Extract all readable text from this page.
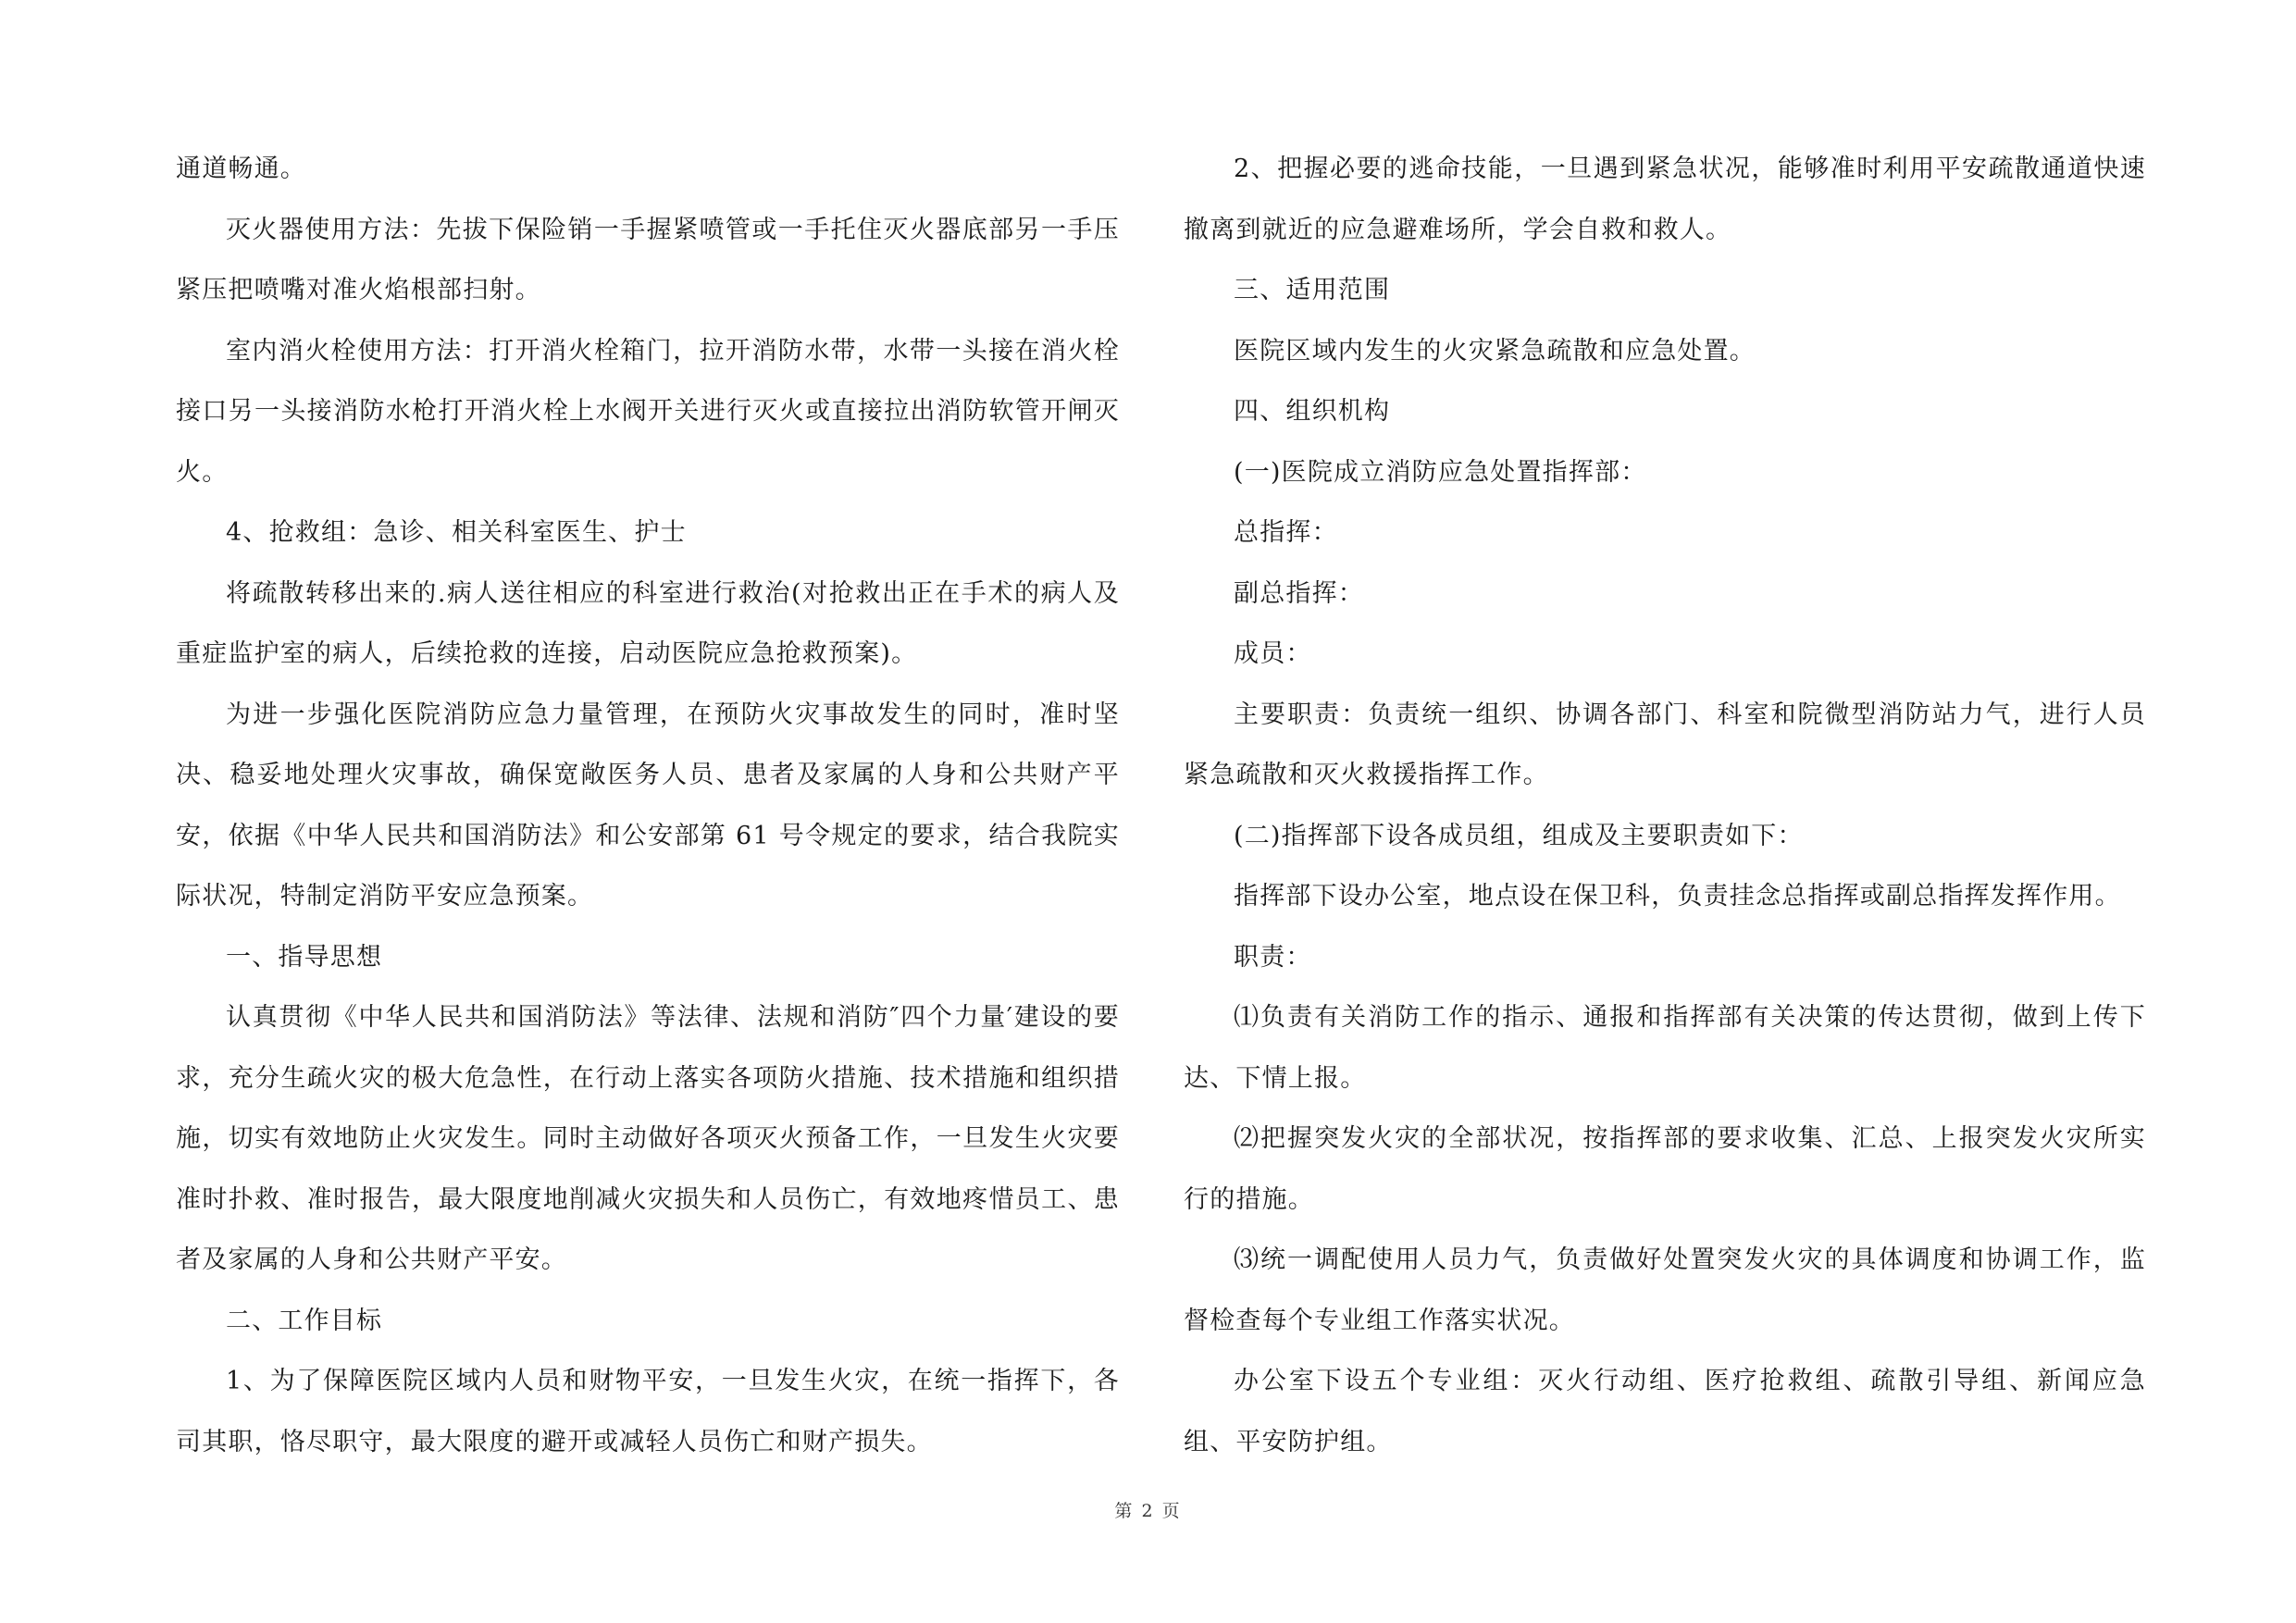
通道畅通。

灭火器使用方法：先拔下保险销一手握紧喷管或一手托住灭火器底部另一手压紧压把喷嘴对准火焰根部扫射。

室内消火栓使用方法：打开消火栓箱门，拉开消防水带，水带一头接在消火栓接口另一头接消防水枪打开消火栓上水阀开关进行灭火或直接拉出消防软管开闸灭火。

4、抢救组：急诊、相关科室医生、护士

将疏散转移出来的.病人送往相应的科室进行救治(对抢救出正在手术的病人及重症监护室的病人，后续抢救的连接，启动医院应急抢救预案)。

为进一步强化医院消防应急力量管理，在预防火灾事故发生的同时，准时坚决、稳妥地处理火灾事故，确保宽敞医务人员、患者及家属的人身和公共财产平安，依据《中华人民共和国消防法》和公安部第 61 号令规定的要求，结合我院实际状况，特制定消防平安应急预案。

一、指导思想

认真贯彻《中华人民共和国消防法》等法律、法规和消防″四个力量′建设的要求，充分生疏火灾的极大危急性，在行动上落实各项防火措施、技术措施和组织措施，切实有效地防止火灾发生。同时主动做好各项灭火预备工作，一旦发生火灾要准时扑救、准时报告，最大限度地削减火灾损失和人员伤亡，有效地疼惜员工、患者及家属的人身和公共财产平安。

二、工作目标

1、为了保障医院区域内人员和财物平安，一旦发生火灾，在统一指挥下，各司其职，恪尽职守，最大限度的避开或减轻人员伤亡和财产损失。

2、把握必要的逃命技能，一旦遇到紧急状况，能够准时利用平安疏散通道快速撤离到就近的应急避难场所，学会自救和救人。

三、适用范围

医院区域内发生的火灾紧急疏散和应急处置。

四、组织机构

(一)医院成立消防应急处置指挥部：

总指挥：

副总指挥：

成员：

主要职责：负责统一组织、协调各部门、科室和院微型消防站力气，进行人员紧急疏散和灭火救援指挥工作。

(二)指挥部下设各成员组，组成及主要职责如下：

指挥部下设办公室，地点设在保卫科，负责挂念总指挥或副总指挥发挥作用。

职责：

⑴负责有关消防工作的指示、通报和指挥部有关决策的传达贯彻，做到上传下达、下情上报。

⑵把握突发火灾的全部状况，按指挥部的要求收集、汇总、上报突发火灾所实行的措施。

⑶统一调配使用人员力气，负责做好处置突发火灾的具体调度和协调工作，监督检查每个专业组工作落实状况。

办公室下设五个专业组：灭火行动组、医疗抢救组、疏散引导组、新闻应急组、平安防护组。

第 2 页
